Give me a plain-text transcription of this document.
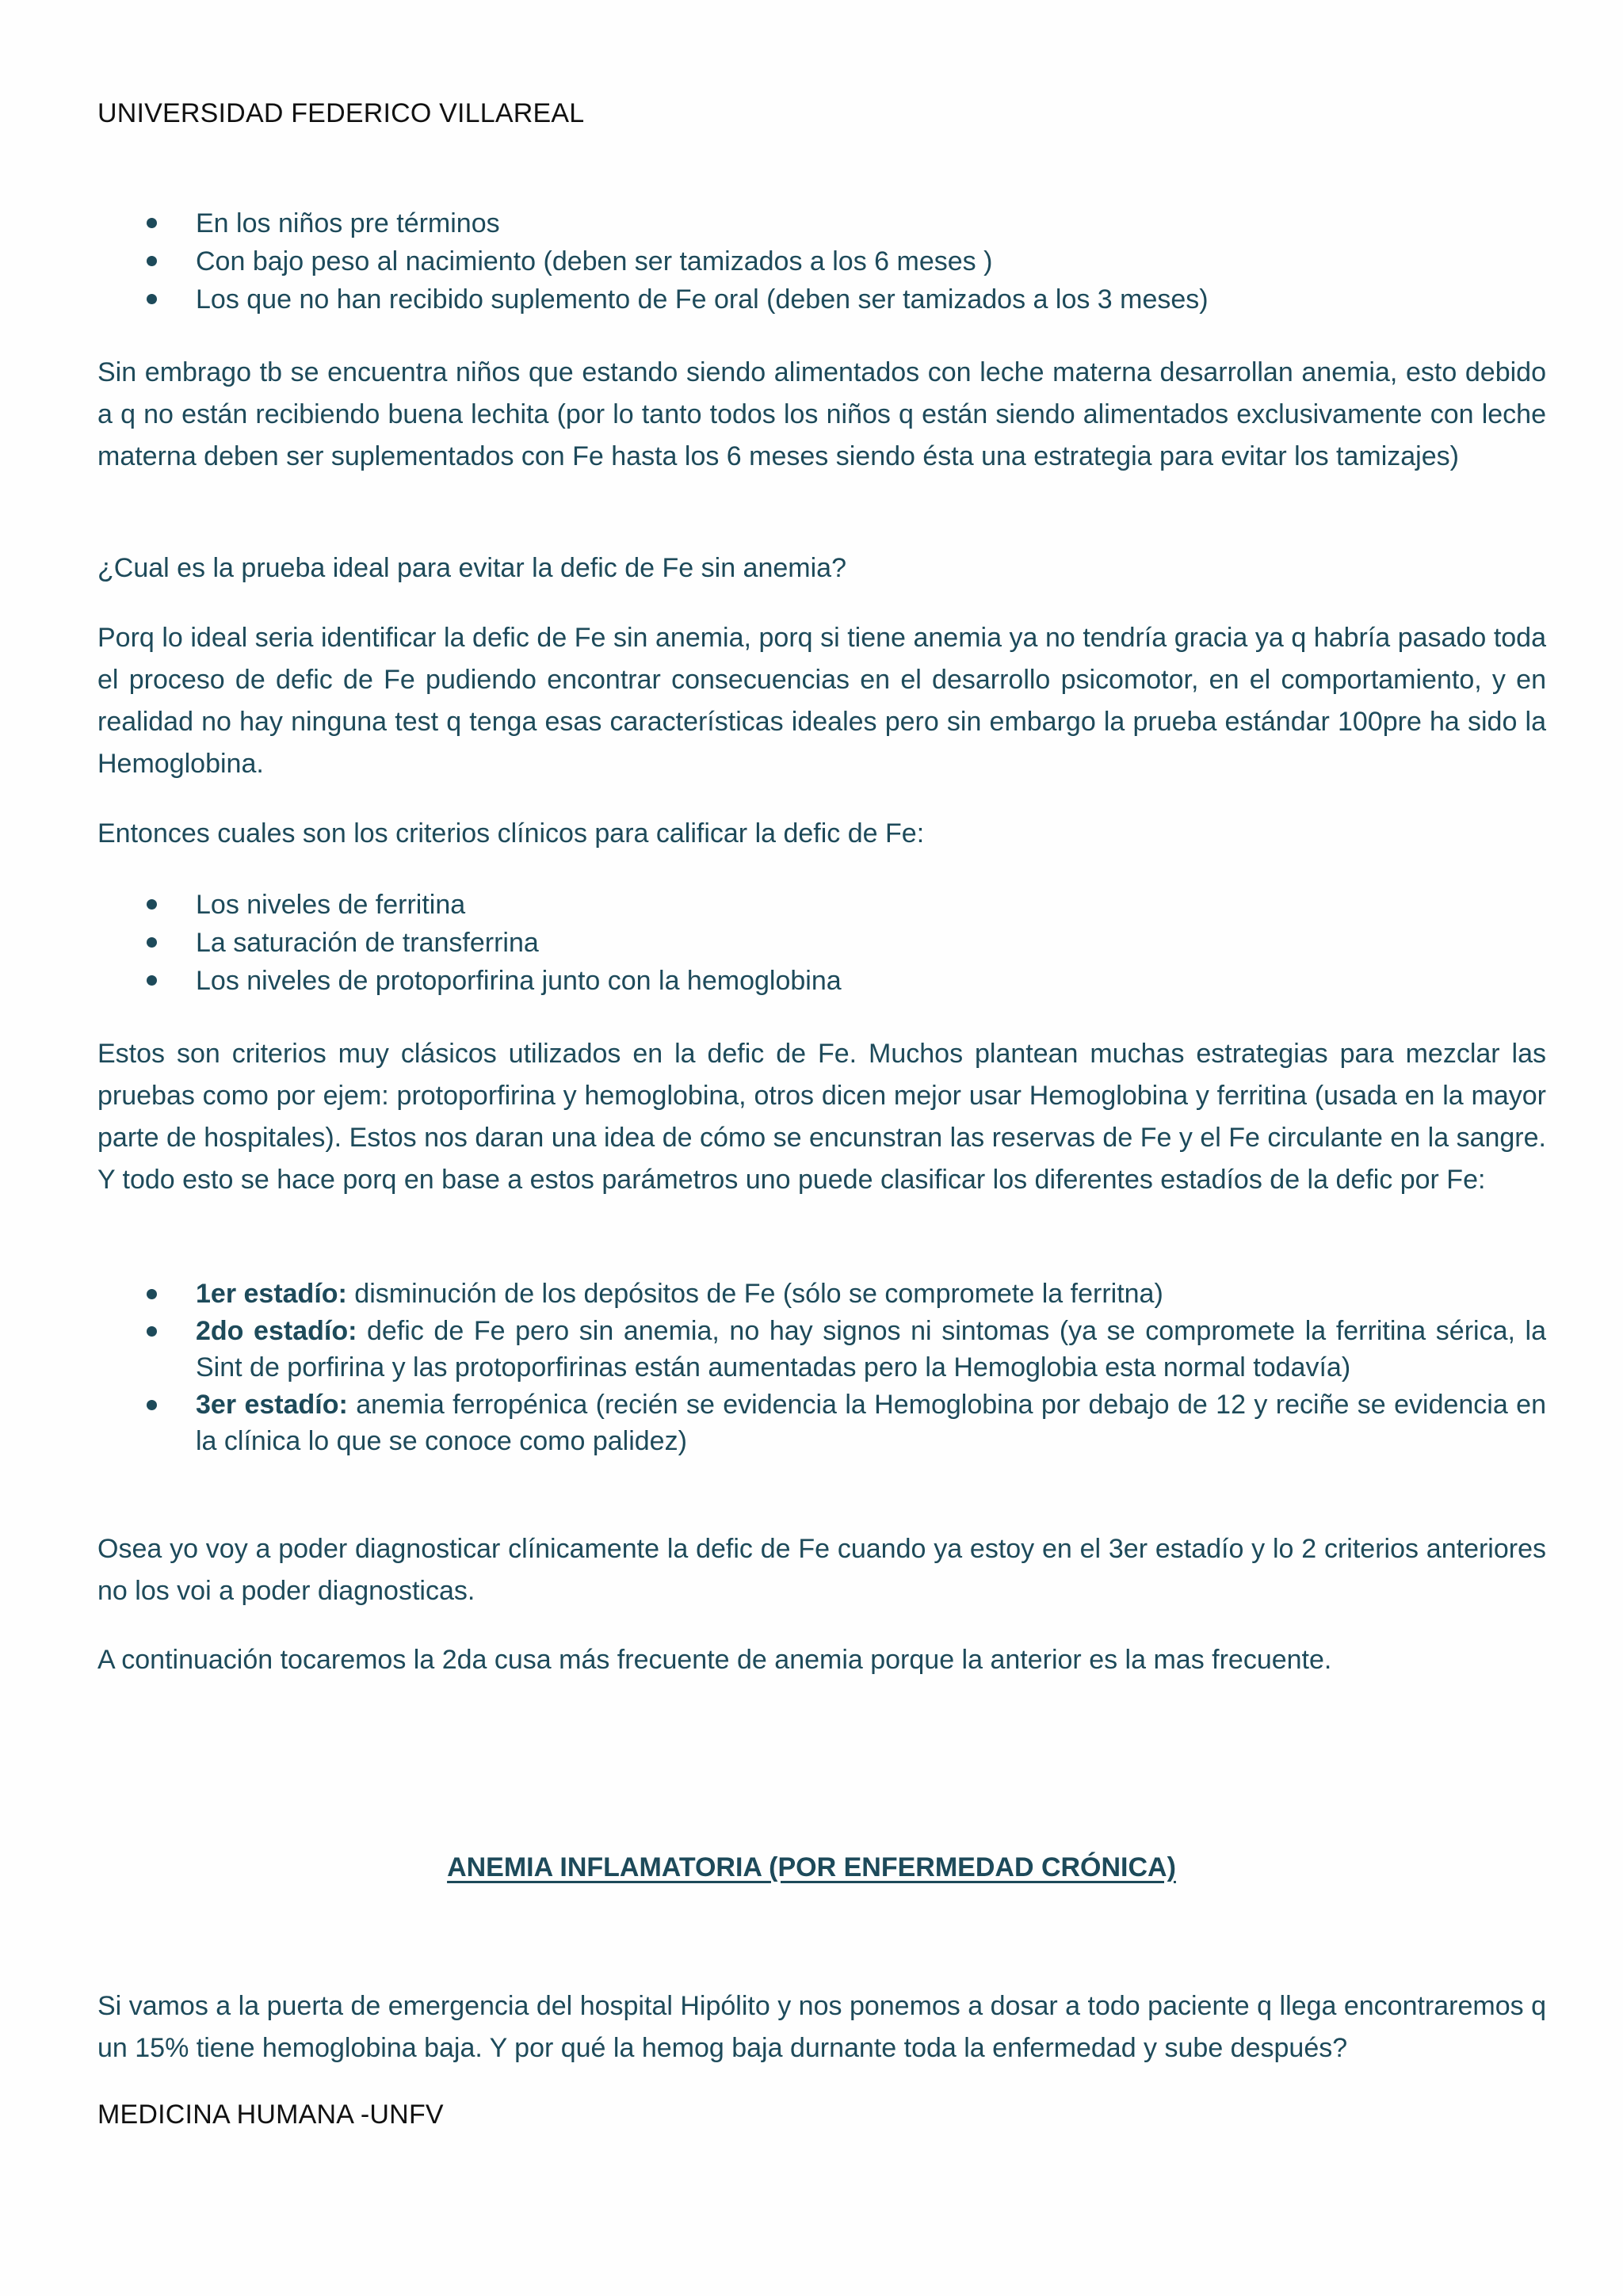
UNIVERSIDAD FEDERICO VILLAREAL
En los niños pre términos
Con bajo peso al nacimiento (deben ser tamizados a los 6 meses )
Los que no han recibido suplemento de Fe oral (deben ser tamizados a los 3 meses)

Sin embrago tb se encuentra niños que estando siendo alimentados con leche materna desarrollan anemia, esto debido a q no están recibiendo buena lechita (por lo tanto todos los niños q están siendo alimentados exclusivamente con leche materna deben ser suplementados con Fe hasta los 6 meses siendo ésta una estrategia para evitar los tamizajes)

¿Cual es la prueba ideal para evitar la defic de Fe sin anemia?

Porq lo ideal seria identificar la defic de Fe sin anemia, porq si tiene anemia ya no tendría gracia ya q habría pasado toda el proceso de defic de Fe pudiendo encontrar consecuencias en el desarrollo psicomotor, en el comportamiento, y en realidad no hay ninguna test q tenga esas características ideales pero sin embargo la prueba estándar 100pre ha sido la Hemoglobina.

Entonces cuales son los criterios clínicos para calificar la defic de Fe:

Los niveles de ferritina
La saturación de transferrina
Los niveles de protoporfirina junto con la hemoglobina

Estos son criterios muy clásicos utilizados en la defic de Fe. Muchos plantean muchas estrategias para mezclar las pruebas como por ejem: protoporfirina y hemoglobina, otros dicen mejor usar Hemoglobina y ferritina (usada en la mayor parte de hospitales). Estos nos daran una idea de cómo se encunstran las reservas de Fe y el Fe circulante en la sangre. Y todo esto se hace porq en base a estos parámetros uno puede clasificar los diferentes estadíos de la defic por Fe:

1er estadío: disminución de los depósitos de Fe (sólo se compromete la ferritna)
2do estadío: defic de Fe pero sin anemia, no hay signos ni sintomas (ya se compromete la ferritina sérica, la Sint de porfirina y las protoporfirinas están aumentadas pero la Hemoglobia esta normal todavía)
3er estadío: anemia ferropénica (recién se evidencia la Hemoglobina por debajo de 12 y reciñe se evidencia en la clínica lo que se conoce como palidez)

Osea yo voy a poder diagnosticar clínicamente la defic de Fe cuando ya estoy en el 3er estadío y lo 2 criterios anteriores no los voi a poder diagnosticas.

A continuación tocaremos la 2da cusa más frecuente de anemia porque la anterior es la mas frecuente.

ANEMIA INFLAMATORIA (POR ENFERMEDAD CRÓNICA)

Si vamos a la puerta de emergencia del hospital Hipólito y nos ponemos a dosar a todo paciente q llega encontraremos q un 15% tiene hemoglobina baja. Y por qué la hemog baja durnante toda la enfermedad y sube después?

MEDICINA HUMANA -UNFV
